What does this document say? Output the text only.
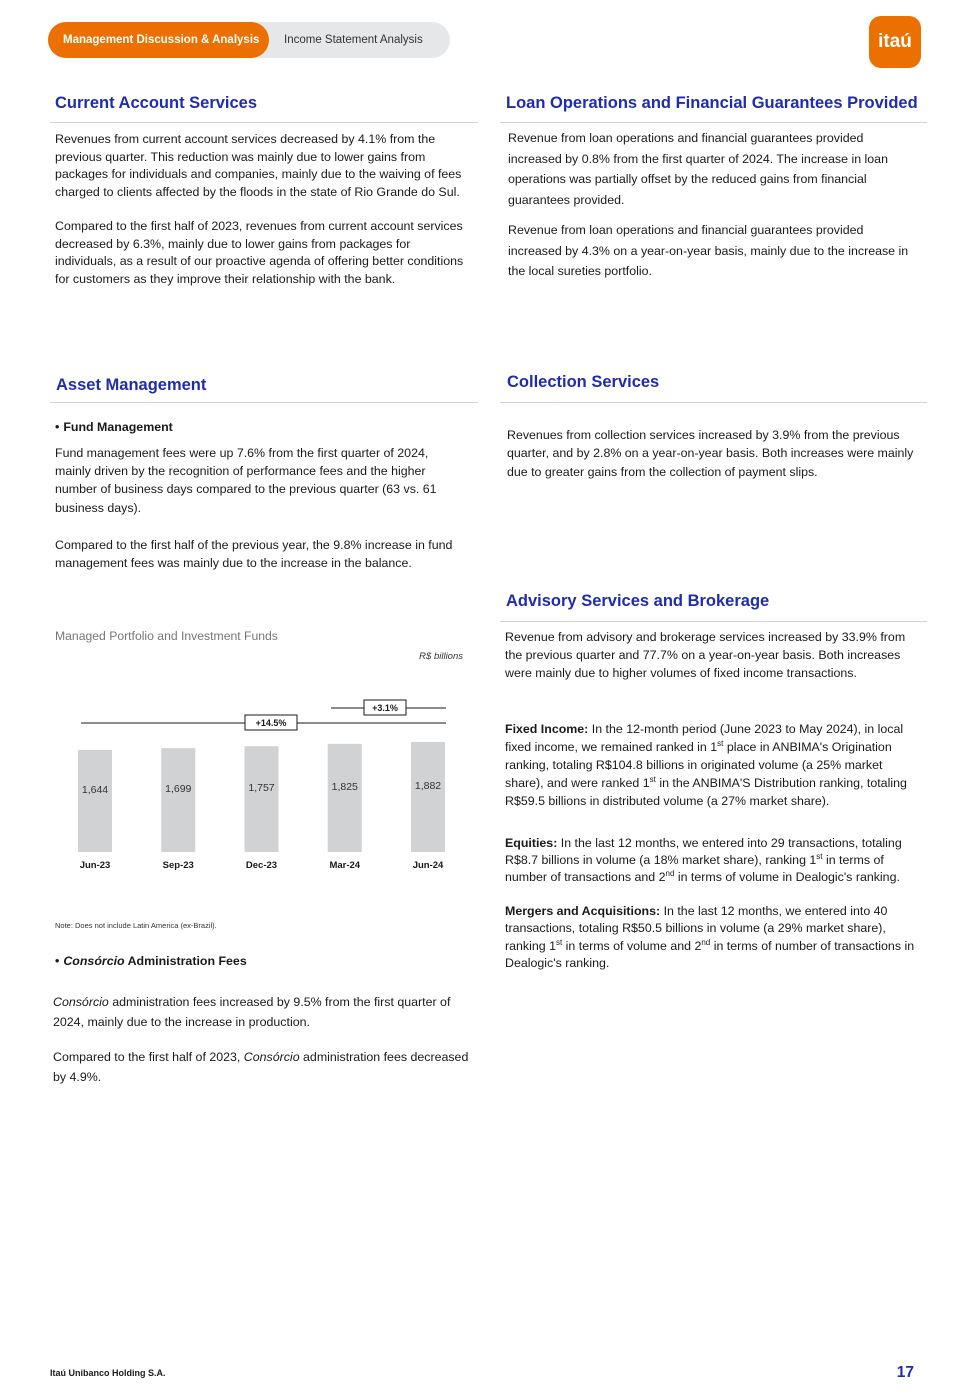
Management Discussion & Analysis	Income Statement Analysis	itaú
Current Account Services

Revenues from current account services decreased by 4.1% from the previous quarter. This reduction was mainly due to lower gains from packages for individuals and companies, mainly due to the waiving of fees charged to clients affected by the floods in the state of Rio Grande do Sul.

Compared to the first half of 2023, revenues from current account services decreased by 6.3%, mainly due to lower gains from packages for individuals, as a result of our proactive agenda of offering better conditions for customers as they improve their relationship with the bank.

Loan Operations and Financial Guarantees Provided

Revenue from loan operations and financial guarantees provided increased by 0.8% from the first quarter of 2024. The increase in loan operations was partially offset by the reduced gains from financial guarantees provided.

Revenue from loan operations and financial guarantees provided increased by 4.3% on a year-on-year basis, mainly due to the increase in the local sureties portfolio.

Asset Management
• Fund Management

Fund management fees were up 7.6% from the first quarter of 2024, mainly driven by the recognition of performance fees and the higher number of business days compared to the previous quarter (63 vs. 61 business days).

Compared to the first half of the previous year, the 9.8% increase in fund management fees was mainly due to the increase in the balance.

Managed Portfolio and Investment Funds
R$ billions
1,644
Jun-23
1,699
Sep-23
1,757
Dec-23
1,825
Mar-24
1,882
Jun-24
+14.5%
+3.1%
Note: Does not include Latin America (ex-Brazil).
• Consórcio Administration Fees

Consórcio administration fees increased by 9.5% from the first quarter of 2024, mainly due to the increase in production.

Compared to the first half of 2023, Consórcio administration fees decreased by 4.9%.

Collection Services

Revenues from collection services increased by 3.9% from the previous quarter, and by 2.8% on a year-on-year basis. Both increases were mainly due to greater gains from the collection of payment slips.

Advisory Services and Brokerage

Revenue from advisory and brokerage services increased by 33.9% from the previous quarter and 77.7% on a year-on-year basis. Both increases were mainly due to higher volumes of fixed income transactions.

Fixed Income: In the 12-month period (June 2023 to May 2024), in local fixed income, we remained ranked in 1st place in ANBIMA's Origination ranking, totaling R$104.8 billions in originated volume (a 25% market share), and were ranked 1st in the ANBIMA'S Distribution ranking, totaling R$59.5 billions in distributed volume (a 27% market share).

Equities: In the last 12 months, we entered into 29 transactions, totaling R$8.7 billions in volume (a 18% market share), ranking 1st in terms of number of transactions and 2nd in terms of volume in Dealogic's ranking.

Mergers and Acquisitions: In the last 12 months, we entered into 40 transactions, totaling R$50.5 billions in volume (a 29% market share), ranking 1st in terms of volume and 2nd in terms of number of transactions in Dealogic's ranking.

Itaú Unibanco Holding S.A.	17
